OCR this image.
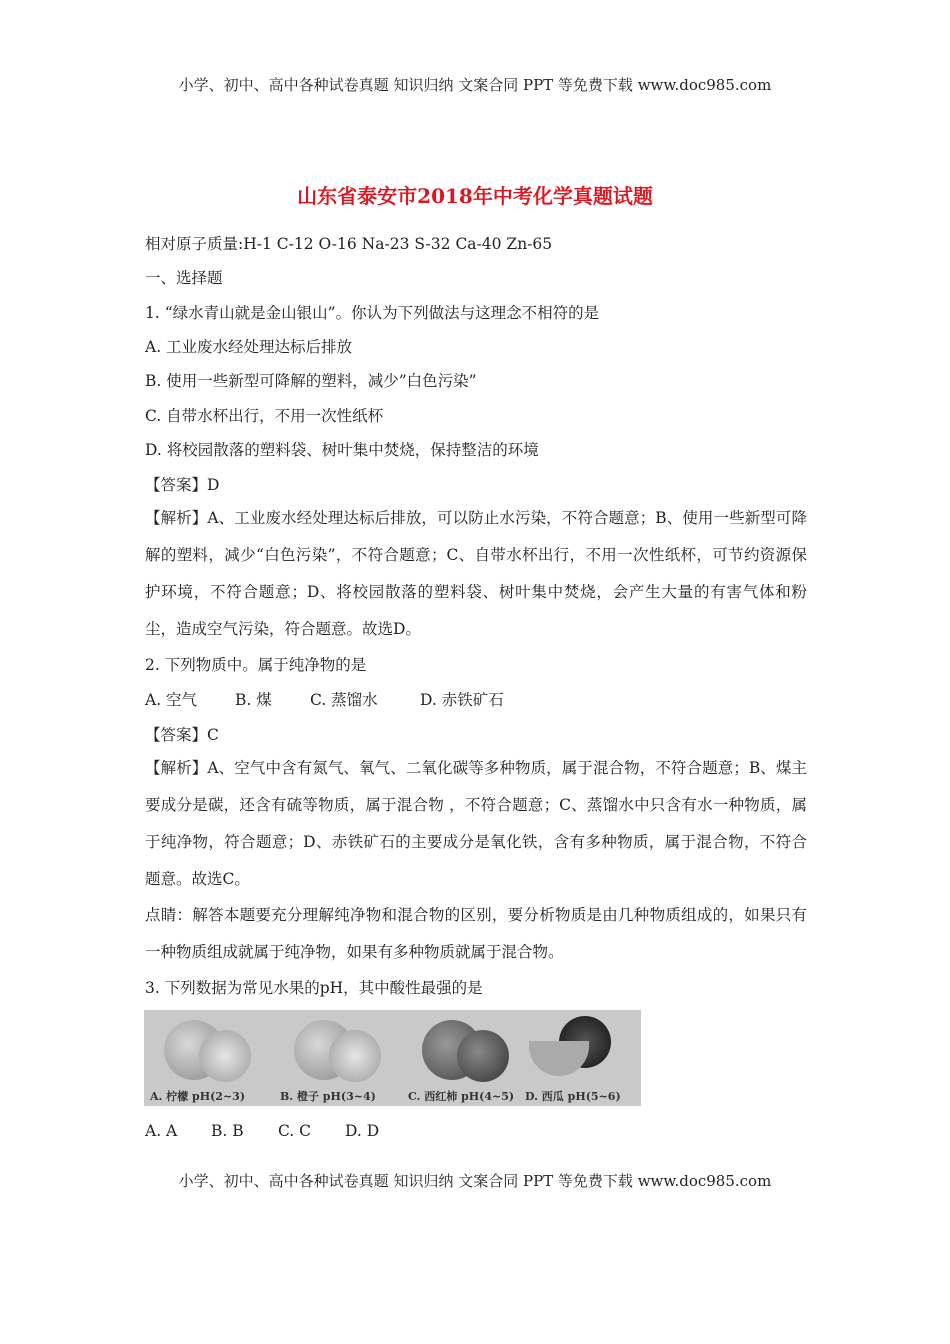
小学、初中、高中各种试卷真题 知识归纳 文案合同 PPT 等免费下载 www.doc985.com
山东省泰安市2018年中考化学真题试题
相对原子质量:H-1 C-12 O-16 Na-23 S-32 Ca-40 Zn-65
一、选择题
1. “绿水青山就是金山银山”。你认为下列做法与这理念不相符的是
A. 工业废水经处理达标后排放
B. 使用一些新型可降解的塑料，减少”白色污染”
C. 自带水杯出行，不用一次性纸杯
D. 将校园散落的塑料袋、树叶集中焚烧，保持整洁的环境
【答案】D
【解析】A、工业废水经处理达标后排放，可以防止水污染，不符合题意；B、使用一些新型可降解的塑料，减少“白色污染”，不符合题意；C、自带水杯出行，不用一次性纸杯，可节约资源保护环境，不符合题意；D、将校园散落的塑料袋、树叶集中焚烧，会产生大量的有害气体和粉尘，造成空气污染，符合题意。故选D。
2. 下列物质中。属于纯净物的是
A. 空气 B. 煤 C. 蒸馏水	D. 赤铁矿石
【答案】C
【解析】A、空气中含有氮气、氧气、二氧化碳等多种物质，属于混合物，不符合题意；B、煤主要成分是碳，还含有硫等物质，属于混合物 ，不符合题意；C、蒸馏水中只含有水一种物质，属于纯净物，符合题意；D、赤铁矿石的主要成分是氧化铁，含有多种物质，属于混合物，不符合题意。故选C。
点睛：解答本题要充分理解纯净物和混合物的区别，要分析物质是由几种物质组成的，如果只有一种物质组成就属于纯净物，如果有多种物质就属于混合物。
3. 下列数据为常见水果的pH，其中酸性最强的是
A. 柠檬 pH(2~3)	B. 橙子 pH(3~4)	C. 西红柿 pH(4~5) D. 西瓜 pH(5~6)
A. A B. B C. C D. D
小学、初中、高中各种试卷真题 知识归纳 文案合同 PPT 等免费下载 www.doc985.com
